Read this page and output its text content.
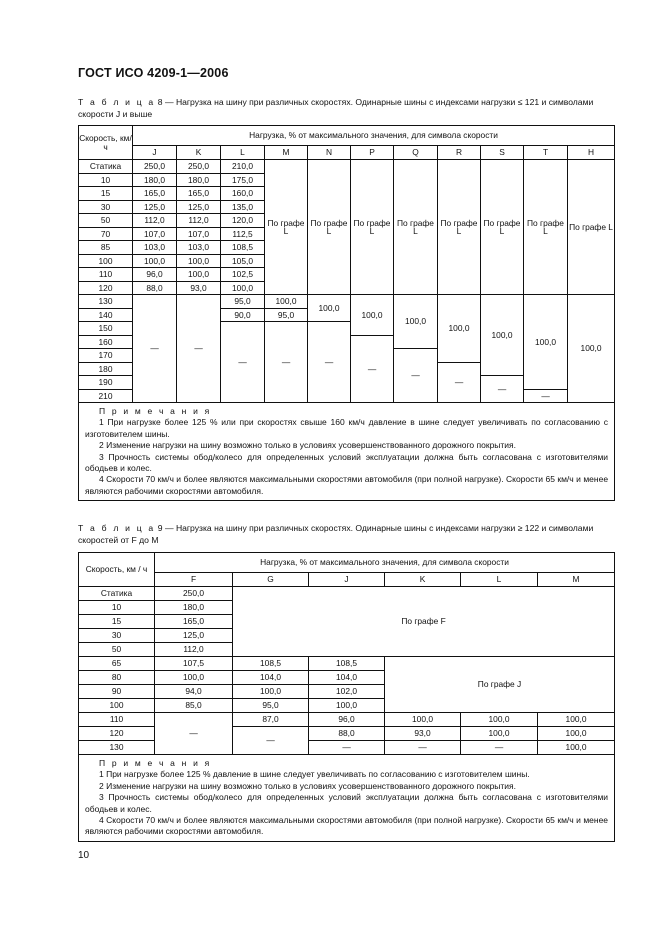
ГОСТ ИСО 4209-1—2006
Т а б л и ц а 8 — Нагрузка на шину при различных скоростях. Одинарные шины с индексами нагрузки ≤ 121 и символами скорости J и выше
Скорость, км/ч	Нагрузка, % от максимального значения, для символа скорости										
	J	K	L	M	N	P	Q	R	S	T	H
Статика	250,0	250,0	210,0	По графе L	По графе L	По графе L	По графе L	По графе L	По графе L	По графе L	По графе L
10	180,0	180,0	175,0								
15	165,0	165,0	160,0								
30	125,0	125,0	135,0								
50	112,0	112,0	120,0								
70	107,0	107,0	112,5								
85	103,0	103,0	108,5								
100	100,0	100,0	105,0								
110	96,0	100,0	102,5								
120	88,0	93,0	100,0								
130	—	—	95,0	100,0	100,0	100,0	100,0	100,0	100,0	100,0	100,0
140			90,0	95,0							
150			—	—	—						
160						—					
170							—				
180								—			
190									—		
210										—	

П р и м е ч а н и я
1 При нагрузке более 125 % или при скоростях свыше 160 км/ч давление в шине следует увеличивать по согласованию с изготовителем шины.
2 Изменение нагрузки на шину возможно только в условиях усовершенствованного дорожного покрытия.
3 Прочность системы обод/колесо для определенных условий эксплуатации должна быть согласована с изготовителями ободьев и колес.
4 Скорости 70 км/ч и более являются максимальными скоростями автомобиля (при полной нагрузке). Скорости 65 км/ч и менее являются рабочими скоростями автомобиля.											
Т а б л и ц а 9 — Нагрузка на шину при различных скоростях. Одинарные шины с индексами нагрузки ≥ 122 и символами скоростей от F до M
Скорость, км / ч	Нагрузка, % от максимального значения, для символа скорости					
	F	G	J	K	L	M
Статика	250,0	По графе F				
10	180,0					
15	165,0					
30	125,0					
50	112,0					
65	107,5	108,5	108,5	По графе J		
80	100,0	104,0	104,0			
90	94,0	100,0	102,0			
100	85,0	95,0	100,0			
110	—	87,0	96,0	100,0	100,0	100,0
120		—	88,0	93,0	100,0	100,0
130			—	—	—	100,0

П р и м е ч а н и я
1 При нагрузке более 125 % давление в шине следует увеличивать по согласованию с изготовителем шины.
2 Изменение нагрузки на шину возможно только в условиях усовершенствованного дорожного покрытия.
3 Прочность системы обод/колесо для определенных условий эксплуатации должна быть согласована с изготовителями ободьев и колес.
4 Скорости 70 км/ч и более являются максимальными скоростями автомобиля (при полной нагрузке). Скорости 65 км/ч и менее являются рабочими скоростями автомобиля.						
10
